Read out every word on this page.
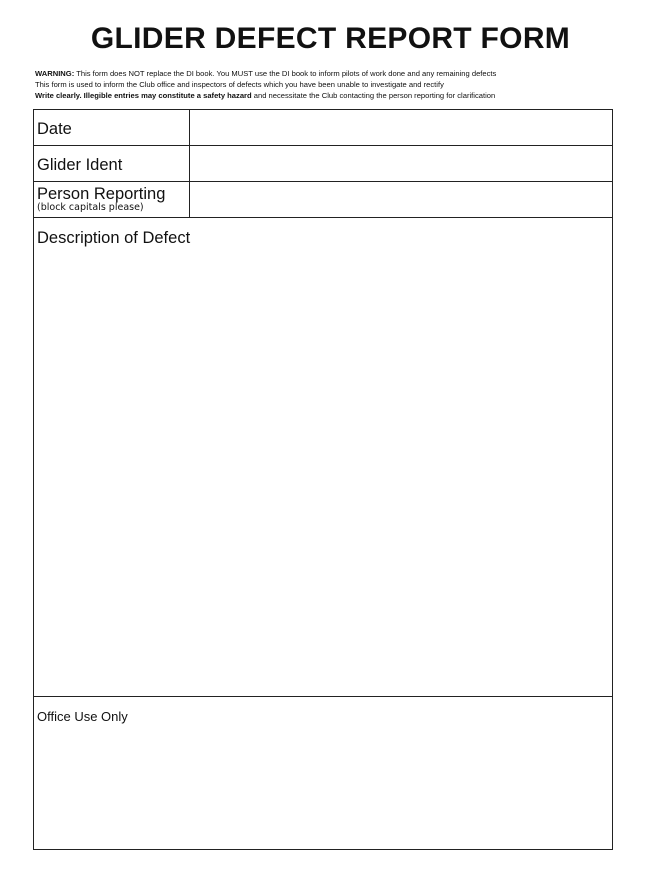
GLIDER DEFECT REPORT FORM
WARNING: This form does NOT replace the DI book. You MUST use the DI book to inform pilots of work done and any remaining defects
This form is used to inform the Club office and inspectors of defects which you have been unable to investigate and rectify
Write clearly. Illegible entries may constitute a safety hazard and necessitate the Club contacting the person reporting for clarification
Date
Glider Ident
Person Reporting
(block capitals please)
Description of Defect
Office Use Only
